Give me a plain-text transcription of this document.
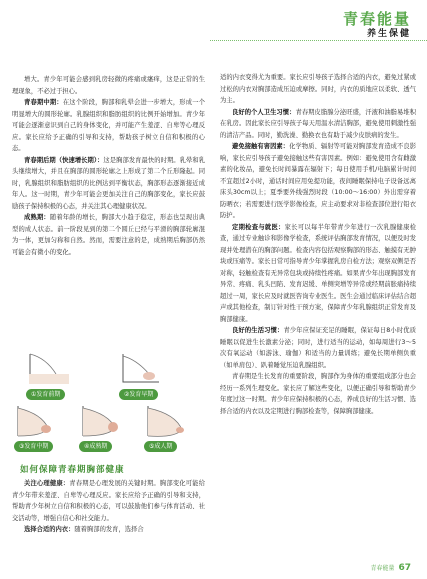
青春能量
养生保健

增大。青少年可能会感到乳房轻微的疼痛或瘙痒，这是正常的生理现象，不必过于担心。

青春期中期：在这个阶段，胸部和乳晕会进一步增大，形成一个明显增大的圆形轮廓。乳腺组织和脂肪组织的比例开始增加。青少年可能会逐渐意识到自己的身体变化，并可能产生羞涩、自卑等心理反应。家长应给予正确的引导和支持，帮助孩子树立自信和积极的心态。

青春期后期（快速增长期）：这是胸部发育最快的时期。乳晕和乳头继续增大，并且在胸部的圆形轮廓之上形成了第二个丘形隆起。同时，乳腺组织和脂肪组织的比例达到平衡状态，胸部形态逐渐接近成年人。这一时期，青少年可能会更加关注自己的胸部变化，家长应鼓励孩子保持积极的心态，并关注其心理健康状况。

成熟期：随着年龄的增长，胸部大小趋于稳定，形态也呈现出典型的成人状态。前一阶段见到的第二个圆丘已经与平滑的胸部轮廓混为一体，更加匀称和自然。然而，需要注意的是，成熟期后胸部仍然可能会有微小的变化。

①发育前期	②发育早期
③发育中期	④成熟期	⑤成人期
如何保障青春期胸部健康

关注心理健康：青春期是心理发展的关键时期。胸部变化可能给青少年带来羞涩、自卑等心理反应。家长应给予正确的引导和支持，帮助青少年树立自信和积极的心态，可以鼓励他们参与体育活动、社交活动等，增强自信心和社交能力。

选择合适的内衣：随着胸部的发育，选择合

适的内衣变得尤为重要。家长应引导孩子选择合适的内衣，避免过紧或过松的内衣对胸部造成压迫或摩擦。同时，内衣的质地应以柔软、透气为主。

良好的个人卫生习惯：青春期皮脂腺分泌旺盛，汗液和油脂易堆积在乳房。因此家长应引导孩子每天用温水清洁胸部，避免使用刺激性强的清洁产品。同时，勤洗澡、勤换衣也有助于减少皮肤病的发生。

避免接触有害因素：化学物质、辐射等可能对胸部发育造成不良影响，家长应引导孩子避免接触这些有害因素。例如：避免使用含有雌激素的化妆品，避免长时间暴露在辐射下；每日使用手机/电脑累计时间不宜超过2小时，通话时间应用免提功能，夜间睡眠保持电子设备远离床头30cm以上；夏季要外线强烈时段（10:00～16:00）外出需穿着防晒衣；若需要进行医学影像检查，应主动要求对非检查部位进行铅衣防护。

定期检查与就医：家长可以每半年带青少年进行一次乳腺健康检查，通过专业触诊和影像学检查，系统评估胸部发育情况，以便及时发现并处理潜在的胸部问题。检查内容包括观察胸部的形态、触摸有无肿块或压痛等。家长日常可指导青少年掌握乳房自检方法；观察双侧是否对称，轻触检查有无异常包块或持续性疼痛。如果青少年出现胸部发育异常、疼痛、乳头凹陷、发育迟缓、单侧突增等异常或经期前胀痛持续超过一周，家长应及时就医咨询专业医生。医生会通过临床评估结合超声或其他检查，制订针对性干预方案，保障青少年乳腺组织正常发育及胸部健康。

良好的生活习惯：青少年应保证充足的睡眠，保证每日8小时优质睡眠以促进生长激素分泌；同时，进行适当的运动，如每周进行3～5次有氧运动（如游泳、瑜伽）和适当的力量训练；避免长期单侧负重（如单肩包）、趴着睡觉压迫乳腺组织。

青春期是生长发育的重要阶段，胸部作为身体的重要组成部分也会经历一系列生理变化。家长应了解这些变化，以便正确引导和帮助青少年度过这一时期。青少年应保持积极的心态，养成良好的生活习惯、选择合适的内衣以及定期进行胸部检查等，保障胸部健康。

青春能量 67
